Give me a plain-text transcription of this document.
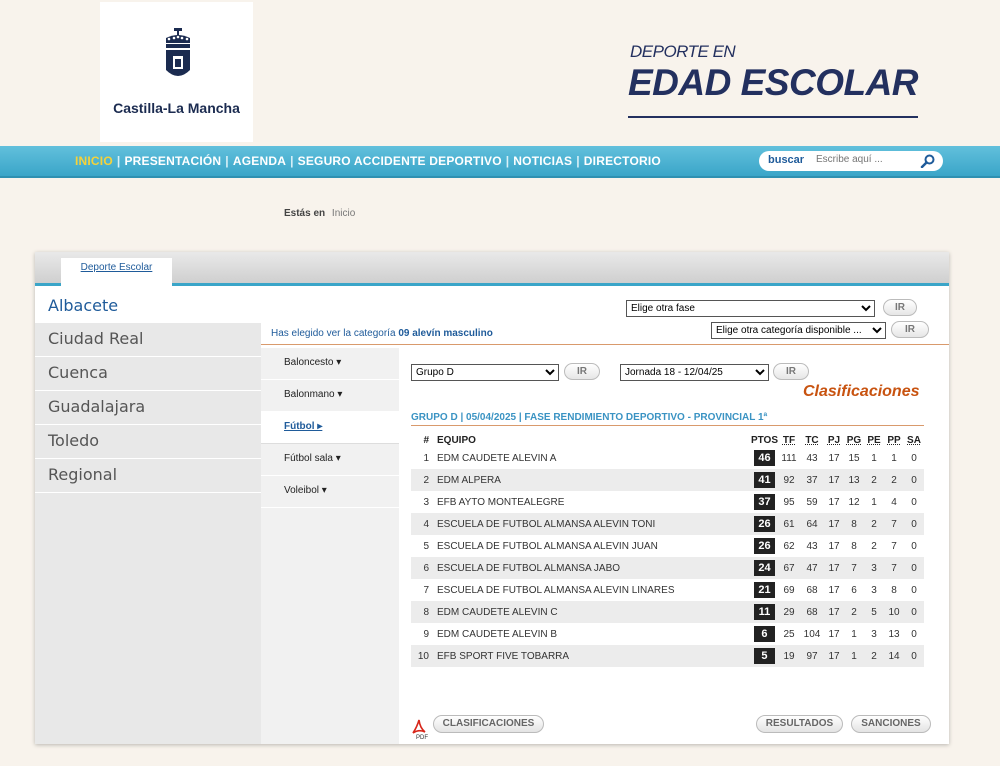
Castilla-La Mancha
DEPORTE EN
EDAD ESCOLAR
INICIO | PRESENTACIÓN | AGENDA | SEGURO ACCIDENTE DEPORTIVO | NOTICIAS | DIRECTORIO	buscar
Escribe aquí ...
Estás en Inicio
Deporte Escolar
Albacete
Ciudad Real
Cuenca
Guadalajara
Toledo
Regional
Elige otra fase
IR
Has elegido ver la categoría 09 alevín masculino
Elige otra categoría disponible ...	IR
Baloncesto ▾
Balonmano ▾
Fútbol ▸
Fútbol sala ▾
Voleibol ▾
Grupo D
IR
Jornada 18 - 12/04/25	IR
Clasificaciones
GRUPO D | 05/04/2025 | FASE RENDIMIENTO DEPORTIVO - PROVINCIAL 1ª
#	EQUIPO	PTOS	TF	TC	PJ	PG	PE	PP	SA
1	EDM CAUDETE ALEVIN A	46	111	43	17	15	1	1	0
2	EDM ALPERA	41	92	37	17	13	2	2	0
3	EFB AYTO MONTEALEGRE	37	95	59	17	12	1	4	0
4	ESCUELA DE FUTBOL ALMANSA ALEVIN TONI	26	61	64	17	8	2	7	0
5	ESCUELA DE FUTBOL ALMANSA ALEVIN JUAN	26	62	43	17	8	2	7	0
6	ESCUELA DE FUTBOL ALMANSA JABO	24	67	47	17	7	3	7	0
7	ESCUELA DE FUTBOL ALMANSA ALEVIN LINARES	21	69	68	17	6	3	8	0
8	EDM CAUDETE ALEVIN C	11	29	68	17	2	5	10	0
9	EDM CAUDETE ALEVIN B	6	25	104	17	1	3	13	0
10	EFB SPORT FIVE TOBARRA	5	19	97	17	1	2	14	0
PDF
CLASIFICACIONES	RESULTADOS	SANCIONES
